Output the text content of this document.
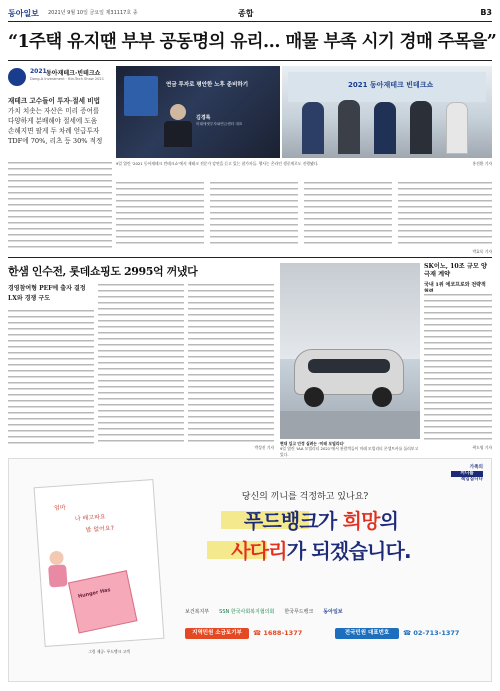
동아일보 2021년 9월 10일 금요일 제31117호 종	종합	B3
“1주택 유지땐 부부 공동명의 유리… 매물 부족 시기 경매 주목을”
2021 동아재테크·빈테크쇼
Dong-A Investment · Bin-Tech Show 2021
재테크 고수들이 투자·절세 비법
가치 치솟는 자산은 미리 증여를
다양하게 분배해야 절세에 도움
손해지면 팔게 두 차례 얻급투자
TDF에 70%, 리츠 등 30% 적정
연금 투자로 평안한 노후 준비하기
김경록
미래에셋투자와연금센터 대표
2021 동아재테크 빈테크쇼
9일 열린 ‘2021 동아재테크 빈테크쇼’에서 재테크 전문가 강연을 듣고 있는 참가자들. 행사는 온라인 생중계로도 진행됐다.	홍진환 기자
박효목 기자
한샘 인수전, 롯데쇼핑도 2995억 꺼냈다
경영참여형 PEF에 출자 결정
LX와 경쟁 구도
박성진 기자
현대 입고 안정 실려는 ‘미래 모빌리티’
9일 열린 ‘IAA 모빌리티 2021’에서 관람객들이 미래 모빌리티 콘셉트카를 둘러보고 있다.
SK이노, 10조 규모 양극재 계약
국내 1위 에코프로와 전략적
곽도영 기자
가족의
끼니를
책임집니다
엄마
나 배고파요
밥 없어요?
Hunger Has
그림 제공: 푸드뱅크 고객
당신의 끼니를 걱정하고 있나요?
푸드뱅크가 희망의
사다리가 되겠습니다.
보건복지부 SSN 한국사회복지협의회 한국푸드뱅크 동아일보
지역민원 소금토기부	☎ 1688-1377	전국민원 대표번호	☎ 02-713-1377
